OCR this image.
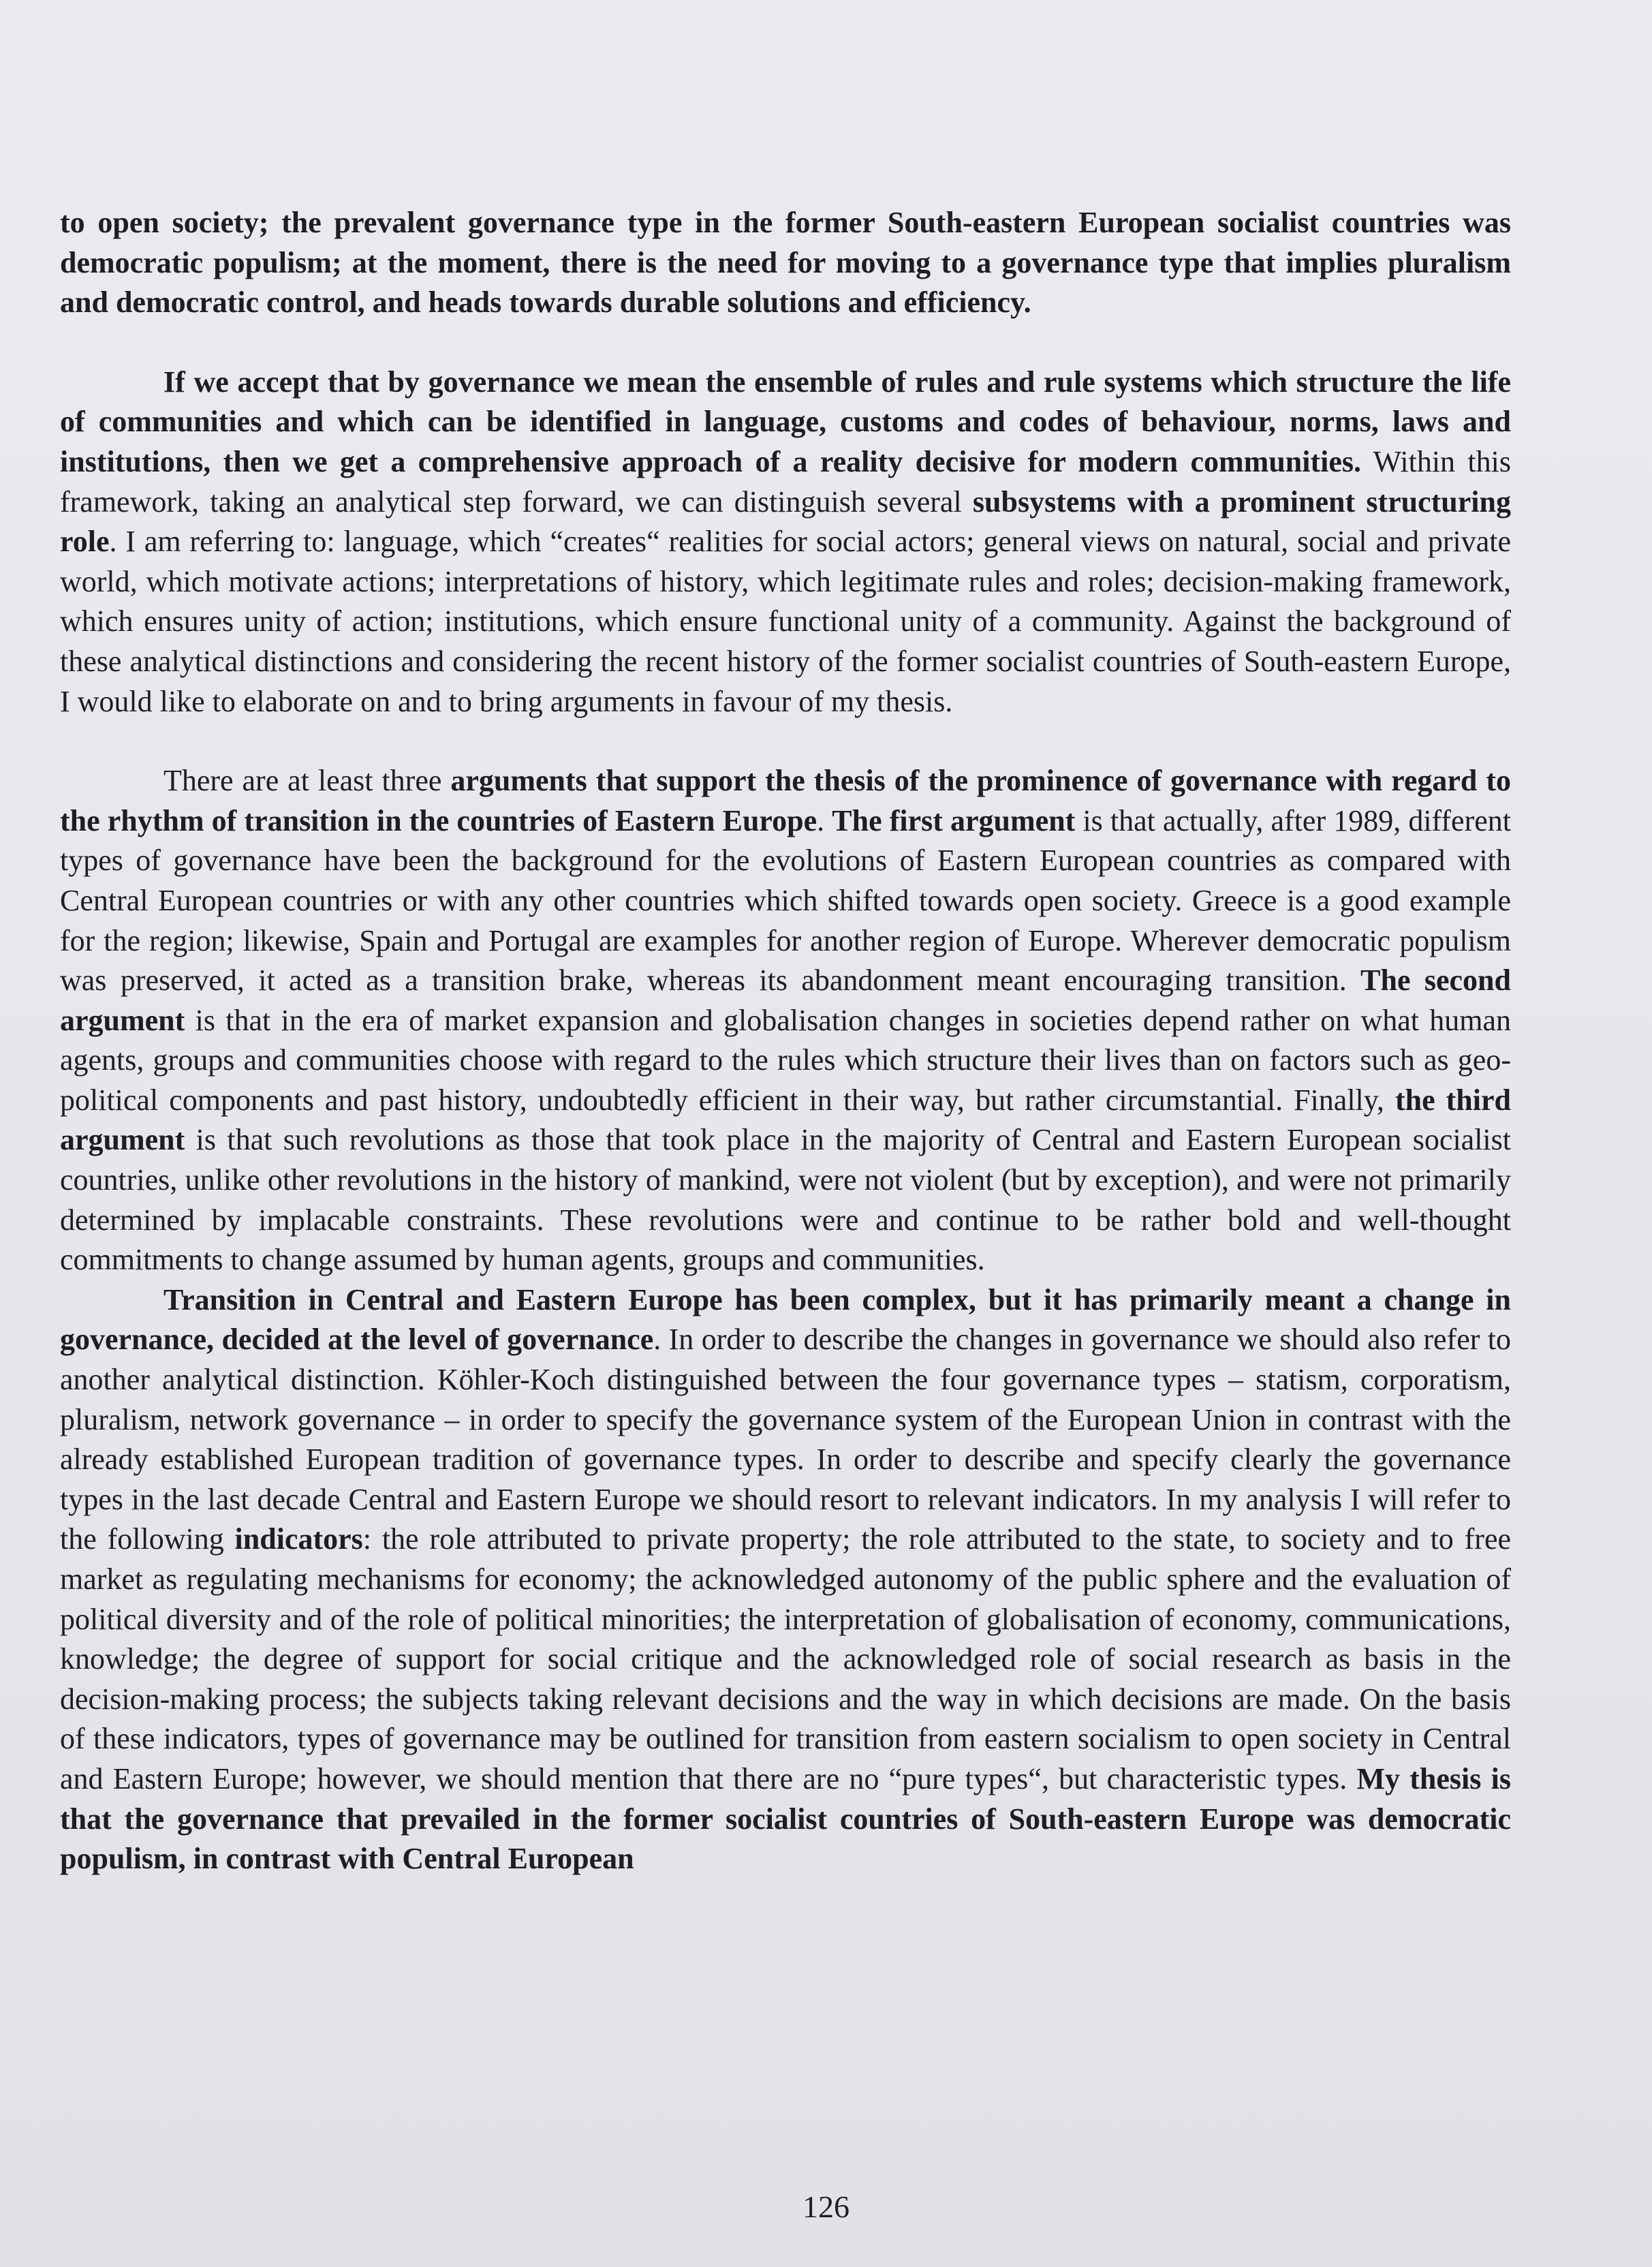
to open society; the prevalent governance type in the former South-eastern European socialist countries was democratic populism; at the moment, there is the need for moving to a governance type that implies pluralism and democratic control, and heads towards durable solutions and efficiency.

If we accept that by governance we mean the ensemble of rules and rule systems which structure the life of communities and which can be identified in language, customs and codes of behaviour, norms, laws and institutions, then we get a comprehensive approach of a reality decisive for modern communities. Within this framework, taking an analytical step forward, we can distinguish several subsystems with a prominent structuring role. I am referring to: language, which “creates“ realities for social actors; general views on natural, social and private world, which motivate actions; interpretations of history, which legitimate rules and roles; decision-making framework, which ensures unity of action; institutions, which ensure functional unity of a community. Against the background of these analytical distinctions and considering the recent history of the former socialist countries of South-eastern Europe, I would like to elaborate on and to bring arguments in favour of my thesis.

There are at least three arguments that support the thesis of the prominence of governance with regard to the rhythm of transition in the countries of Eastern Europe. The first argument is that actually, after 1989, different types of governance have been the background for the evolutions of Eastern European countries as compared with Central European countries or with any other countries which shifted towards open society. Greece is a good example for the region; likewise, Spain and Portugal are examples for another region of Europe. Wherever democratic populism was preserved, it acted as a transition brake, whereas its abandonment meant encouraging transition. The second argument is that in the era of market expansion and globalisation changes in societies depend rather on what human agents, groups and communities choose with regard to the rules which structure their lives than on factors such as geo-political components and past history, undoubtedly efficient in their way, but rather circumstantial. Finally, the third argument is that such revolutions as those that took place in the majority of Central and Eastern European socialist countries, unlike other revolutions in the history of mankind, were not violent (but by exception), and were not primarily determined by implacable constraints. These revolutions were and continue to be rather bold and well-thought commitments to change assumed by human agents, groups and communities.

Transition in Central and Eastern Europe has been complex, but it has primarily meant a change in governance, decided at the level of governance. In order to describe the changes in governance we should also refer to another analytical distinction. Köhler-Koch distinguished between the four governance types – statism, corporatism, pluralism, network governance – in order to specify the governance system of the European Union in contrast with the already established European tradition of governance types. In order to describe and specify clearly the governance types in the last decade Central and Eastern Europe we should resort to relevant indicators. In my analysis I will refer to the following indicators: the role attributed to private property; the role attributed to the state, to society and to free market as regulating mechanisms for economy; the acknowledged autonomy of the public sphere and the evaluation of political diversity and of the role of political minorities; the interpretation of globalisation of economy, communications, knowledge; the degree of support for social critique and the acknowledged role of social research as basis in the decision-making process; the subjects taking relevant decisions and the way in which decisions are made. On the basis of these indicators, types of governance may be outlined for transition from eastern socialism to open society in Central and Eastern Europe; however, we should mention that there are no “pure types“, but characteristic types. My thesis is that the governance that prevailed in the former socialist countries of South-eastern Europe was democratic populism, in contrast with Central European

126
